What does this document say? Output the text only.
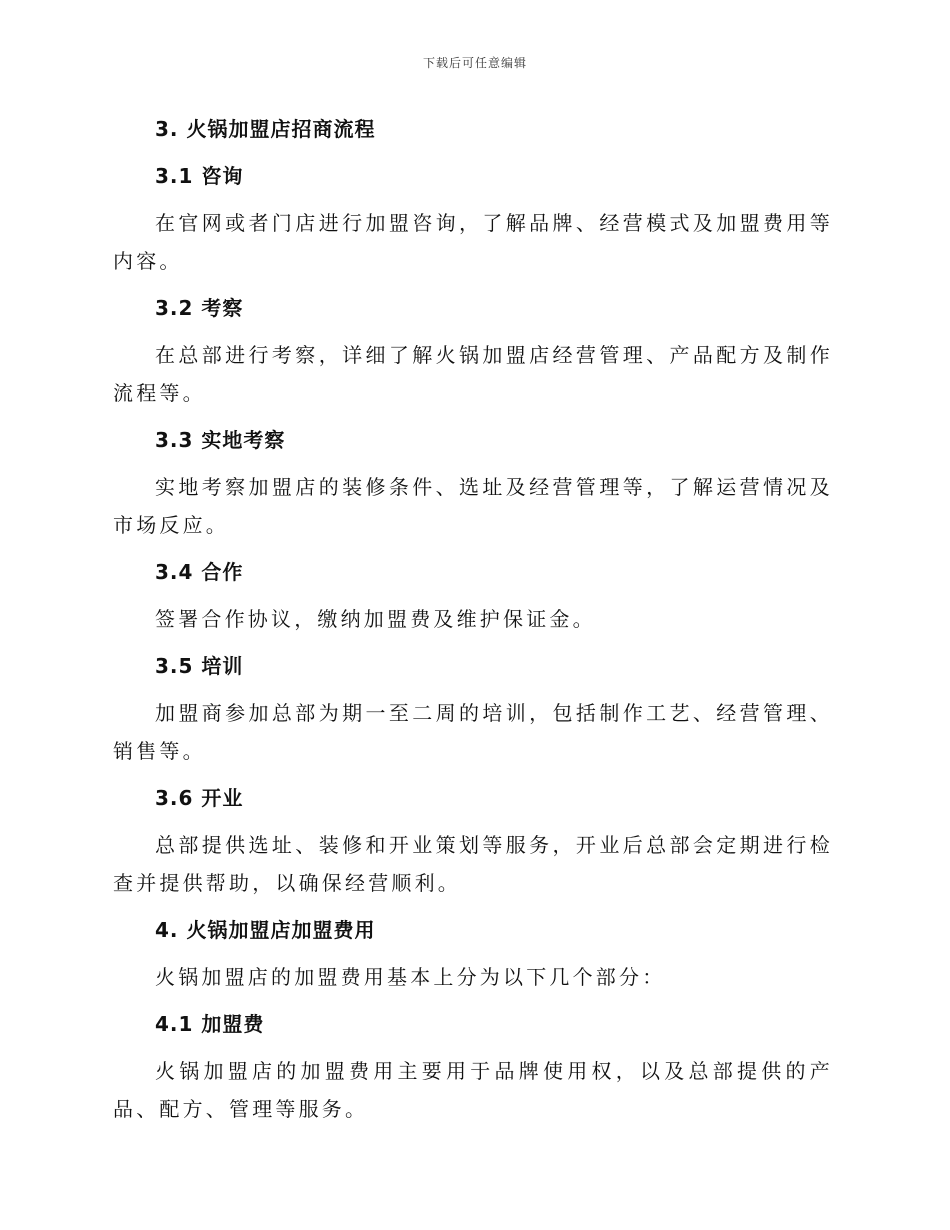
下载后可任意编辑

3. 火锅加盟店招商流程

3.1 咨询

在官网或者门店进行加盟咨询，了解品牌、经营模式及加盟费用等内容。

3.2 考察

在总部进行考察，详细了解火锅加盟店经营管理、产品配方及制作流程等。

3.3 实地考察

实地考察加盟店的装修条件、选址及经营管理等，了解运营情况及市场反应。

3.4 合作

签署合作协议，缴纳加盟费及维护保证金。

3.5 培训

加盟商参加总部为期一至二周的培训，包括制作工艺、经营管理、销售等。

3.6 开业

总部提供选址、装修和开业策划等服务，开业后总部会定期进行检查并提供帮助，以确保经营顺利。

4. 火锅加盟店加盟费用

火锅加盟店的加盟费用基本上分为以下几个部分：

4.1 加盟费

火锅加盟店的加盟费用主要用于品牌使用权，以及总部提供的产品、配方、管理等服务。
